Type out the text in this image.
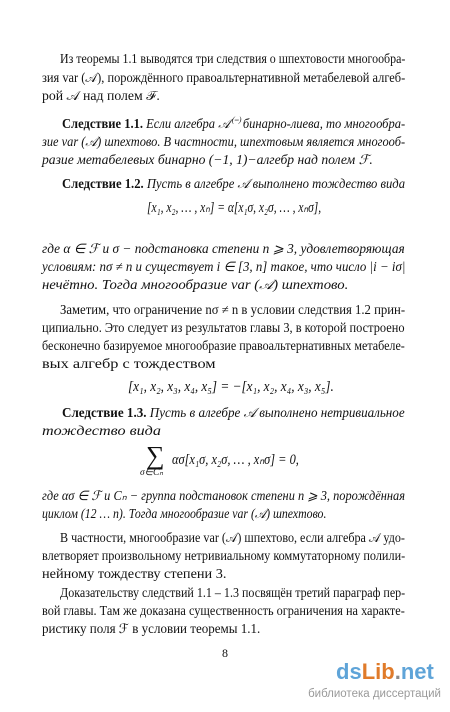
Из теоремы 1.1 выводятся три следствия о шпехтовости многообра-
зия var (𝒜), порождённого правоальтернативной метабелевой алгеб-
рой 𝒜 над полем ℱ.
Следствие 1.1. Если алгебра 𝒜⁽⁻⁾ бинарно-лиева, то многообра-
зие var (𝒜) шпехтово. В частности, шпехтовым является многооб-
разие метабелевых бинарно (−1, 1)−алгебр над полем ℱ.
Следствие 1.2. Пусть в алгебре 𝒜 выполнено тождество вида
где α ∈ ℱ и σ − подстановка степени n ⩾ 3, удовлетворяющая
условиям: nσ ≠ n и существует i ∈ [3, n] такое, что число |i − iσ|
нечётно. Тогда многообразие var (𝒜) шпехтово.
Заметим, что ограничение nσ ≠ n в условии следствия 1.2 прин-
ципиально. Это следует из результатов главы 3, в которой построено
бесконечно базируемое многообразие правоальтернативных метабеле-
вых алгебр с тождеством
Следствие 1.3. Пусть в алгебре 𝒜 выполнено нетривиальное
тождество вида
где ασ ∈ ℱ и Cₙ − группа подстановок степени n ⩾ 3, порождённая
циклом (12 … n). Тогда многообразие var (𝒜) шпехтово.
В частности, многообразие var (𝒜) шпехтово, если алгебра 𝒜 удо-
влетворяет произвольному нетривиальному коммутаторному полили-
нейному тождеству степени 3.
Доказательству следствий 1.1 – 1.3 посвящён третий параграф пер-
вой главы. Там же доказана существенность ограничения на характе-
ристику поля ℱ в условии теоремы 1.1.
[x₁, x₂, … , xₙ] = α[x₁σ, x₂σ, … , xₙσ],
[x₁, x₂, x₃, x₄, x₅] = −[x₁, x₂, x₄, x₃, x₅].
∑
σ∈Cₙ
ασ[x₁σ, x₂σ, … , xₙσ] = 0,
8
dsLib.net
библиотека диссертаций
